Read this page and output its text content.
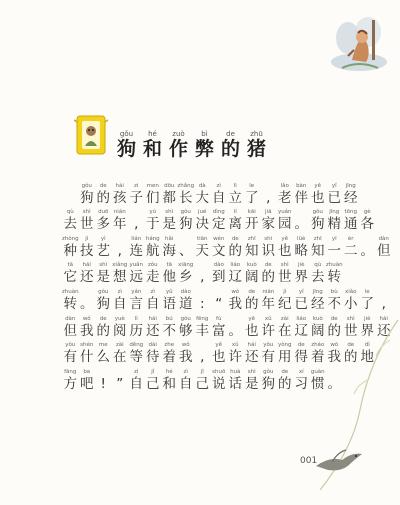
gǒu
狗
hé
和
zuò
作
bì
弊
de
的
zhū
猪
gǒu
狗
de
的
hái
孩
zi
子
men
们
dōu
都
zhǎng
长
dà
大
zì
自
lì
立
le
了 ,
lǎo
老
bàn
伴
yě
也
yǐ
已
jīng
经
qù
去
shì
世
duō
多
nián
年 ,
yú
于
shì
是
gǒu
狗
jué
决
dìng
定
lí
离
kāi
开
jiā
家
yuán
园 。
gǒu
狗
jīng
精
tōng
通
gè
各
zhǒng
种
jì
技
yì
艺 ,
lián
连
háng
航
hǎi
海 、
tiān
天
wén
文
de
的
zhī
知
shi
识
yě
也
lüè
略
zhī
知
yī
一
èr
二 。
dàn
但
tā
它
hái
还
shì
是
xiǎng
想
yuǎn
远
zǒu
走
tā
他
xiāng
乡 ,
dào
到
liáo
辽
kuò
阔
de
的
shì
世
jiè
界
qù
去
zhuàn
转
zhuàn
转 。
gǒu
狗
zì
自
yán
言
zì
自
yǔ
语
dào
道 : “
wǒ
我
de
的
nián
年
jì
纪
yǐ
已
jīng
经
bù
不
xiǎo
小
le
了 ,
dàn
但
wǒ
我
de
的
yuè
阅
lì
历
hái
还
bú
不
gòu
够
fēng
丰
fù
富 。
yě
也
xǔ
许
zài
在
liáo
辽
kuò
阔
de
的
shì
世
jiè
界
hái
还
yǒu
有
shén
什
me
么
zài
在
děng
等
dài
待
zhe
着
wǒ
我 ,
yě
也
xǔ
许
hái
还
yǒu
有
yòng
用
de
得
zháo
着
wǒ
我
de
的
dì
地
fāng
方
ba
吧 ! ”
zì
自
jǐ
己
hé
和
zì
自
jǐ
己
shuō
说
huà
话
shì
是
gǒu
狗
de
的
xí
习
guàn
惯 。
001
